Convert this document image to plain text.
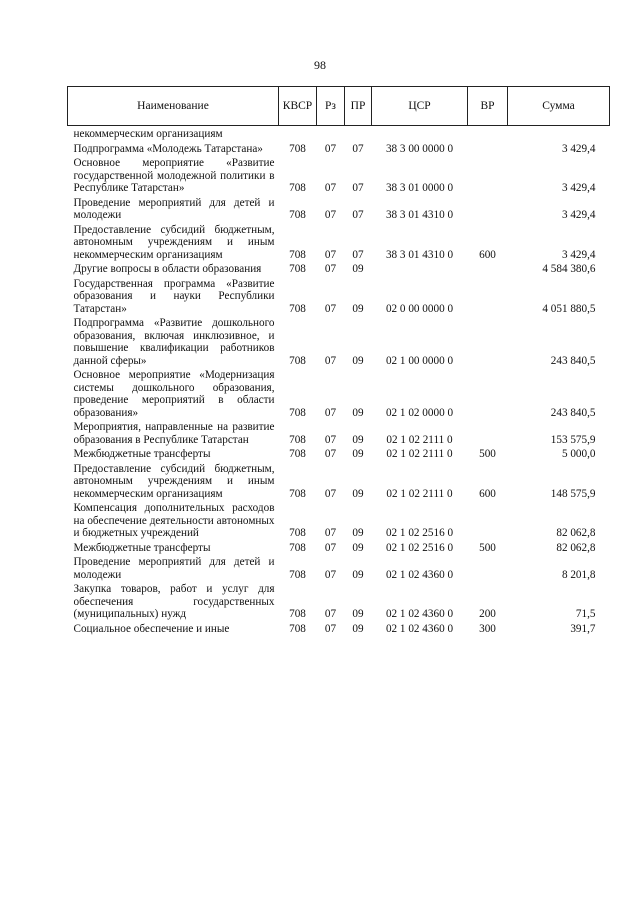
98
Наименование	КВСР	Рз	ПР	ЦСР	ВР	Сумма
некоммерческим организациям						
Подпрограмма «Молодежь Татарстана»	708	07	07	38 3 00 0000 0		3 429,4
Основное мероприятие «Развитие государственной молодежной политики в Республике Татарстан»	708	07	07	38 3 01 0000 0		3 429,4
Проведение мероприятий для детей и молодежи	708	07	07	38 3 01 4310 0		3 429,4
Предоставление субсидий бюджетным, автономным учреждениям и иным некоммерческим организациям	708	07	07	38 3 01 4310 0	600	3 429,4
Другие вопросы в области образования	708	07	09			4 584 380,6
Государственная программа «Развитие образования и науки Республики Татарстан»	708	07	09	02 0 00 0000 0		4 051 880,5
Подпрограмма «Развитие дошкольного образования, включая инклюзивное, и повышение квалификации работников данной сферы»	708	07	09	02 1 00 0000 0		243 840,5
Основное мероприятие «Модернизация системы дошкольного образования, проведение мероприятий в области образования»	708	07	09	02 1 02 0000 0		243 840,5
Мероприятия, направленные на развитие образования в Республике Татарстан	708	07	09	02 1 02 2111 0		153 575,9
Межбюджетные трансферты	708	07	09	02 1 02 2111 0	500	5 000,0
Предоставление субсидий бюджетным, автономным учреждениям и иным некоммерческим организациям	708	07	09	02 1 02 2111 0	600	148 575,9
Компенсация дополнительных расходов на обеспечение деятельности автономных и бюджетных учреждений	708	07	09	02 1 02 2516 0		82 062,8
Межбюджетные трансферты	708	07	09	02 1 02 2516 0	500	82 062,8
Проведение мероприятий для детей и молодежи	708	07	09	02 1 02 4360 0		8 201,8
Закупка товаров, работ и услуг для обеспечения государственных (муниципальных) нужд	708	07	09	02 1 02 4360 0	200	71,5
Социальное обеспечение и иные	708	07	09	02 1 02 4360 0	300	391,7
